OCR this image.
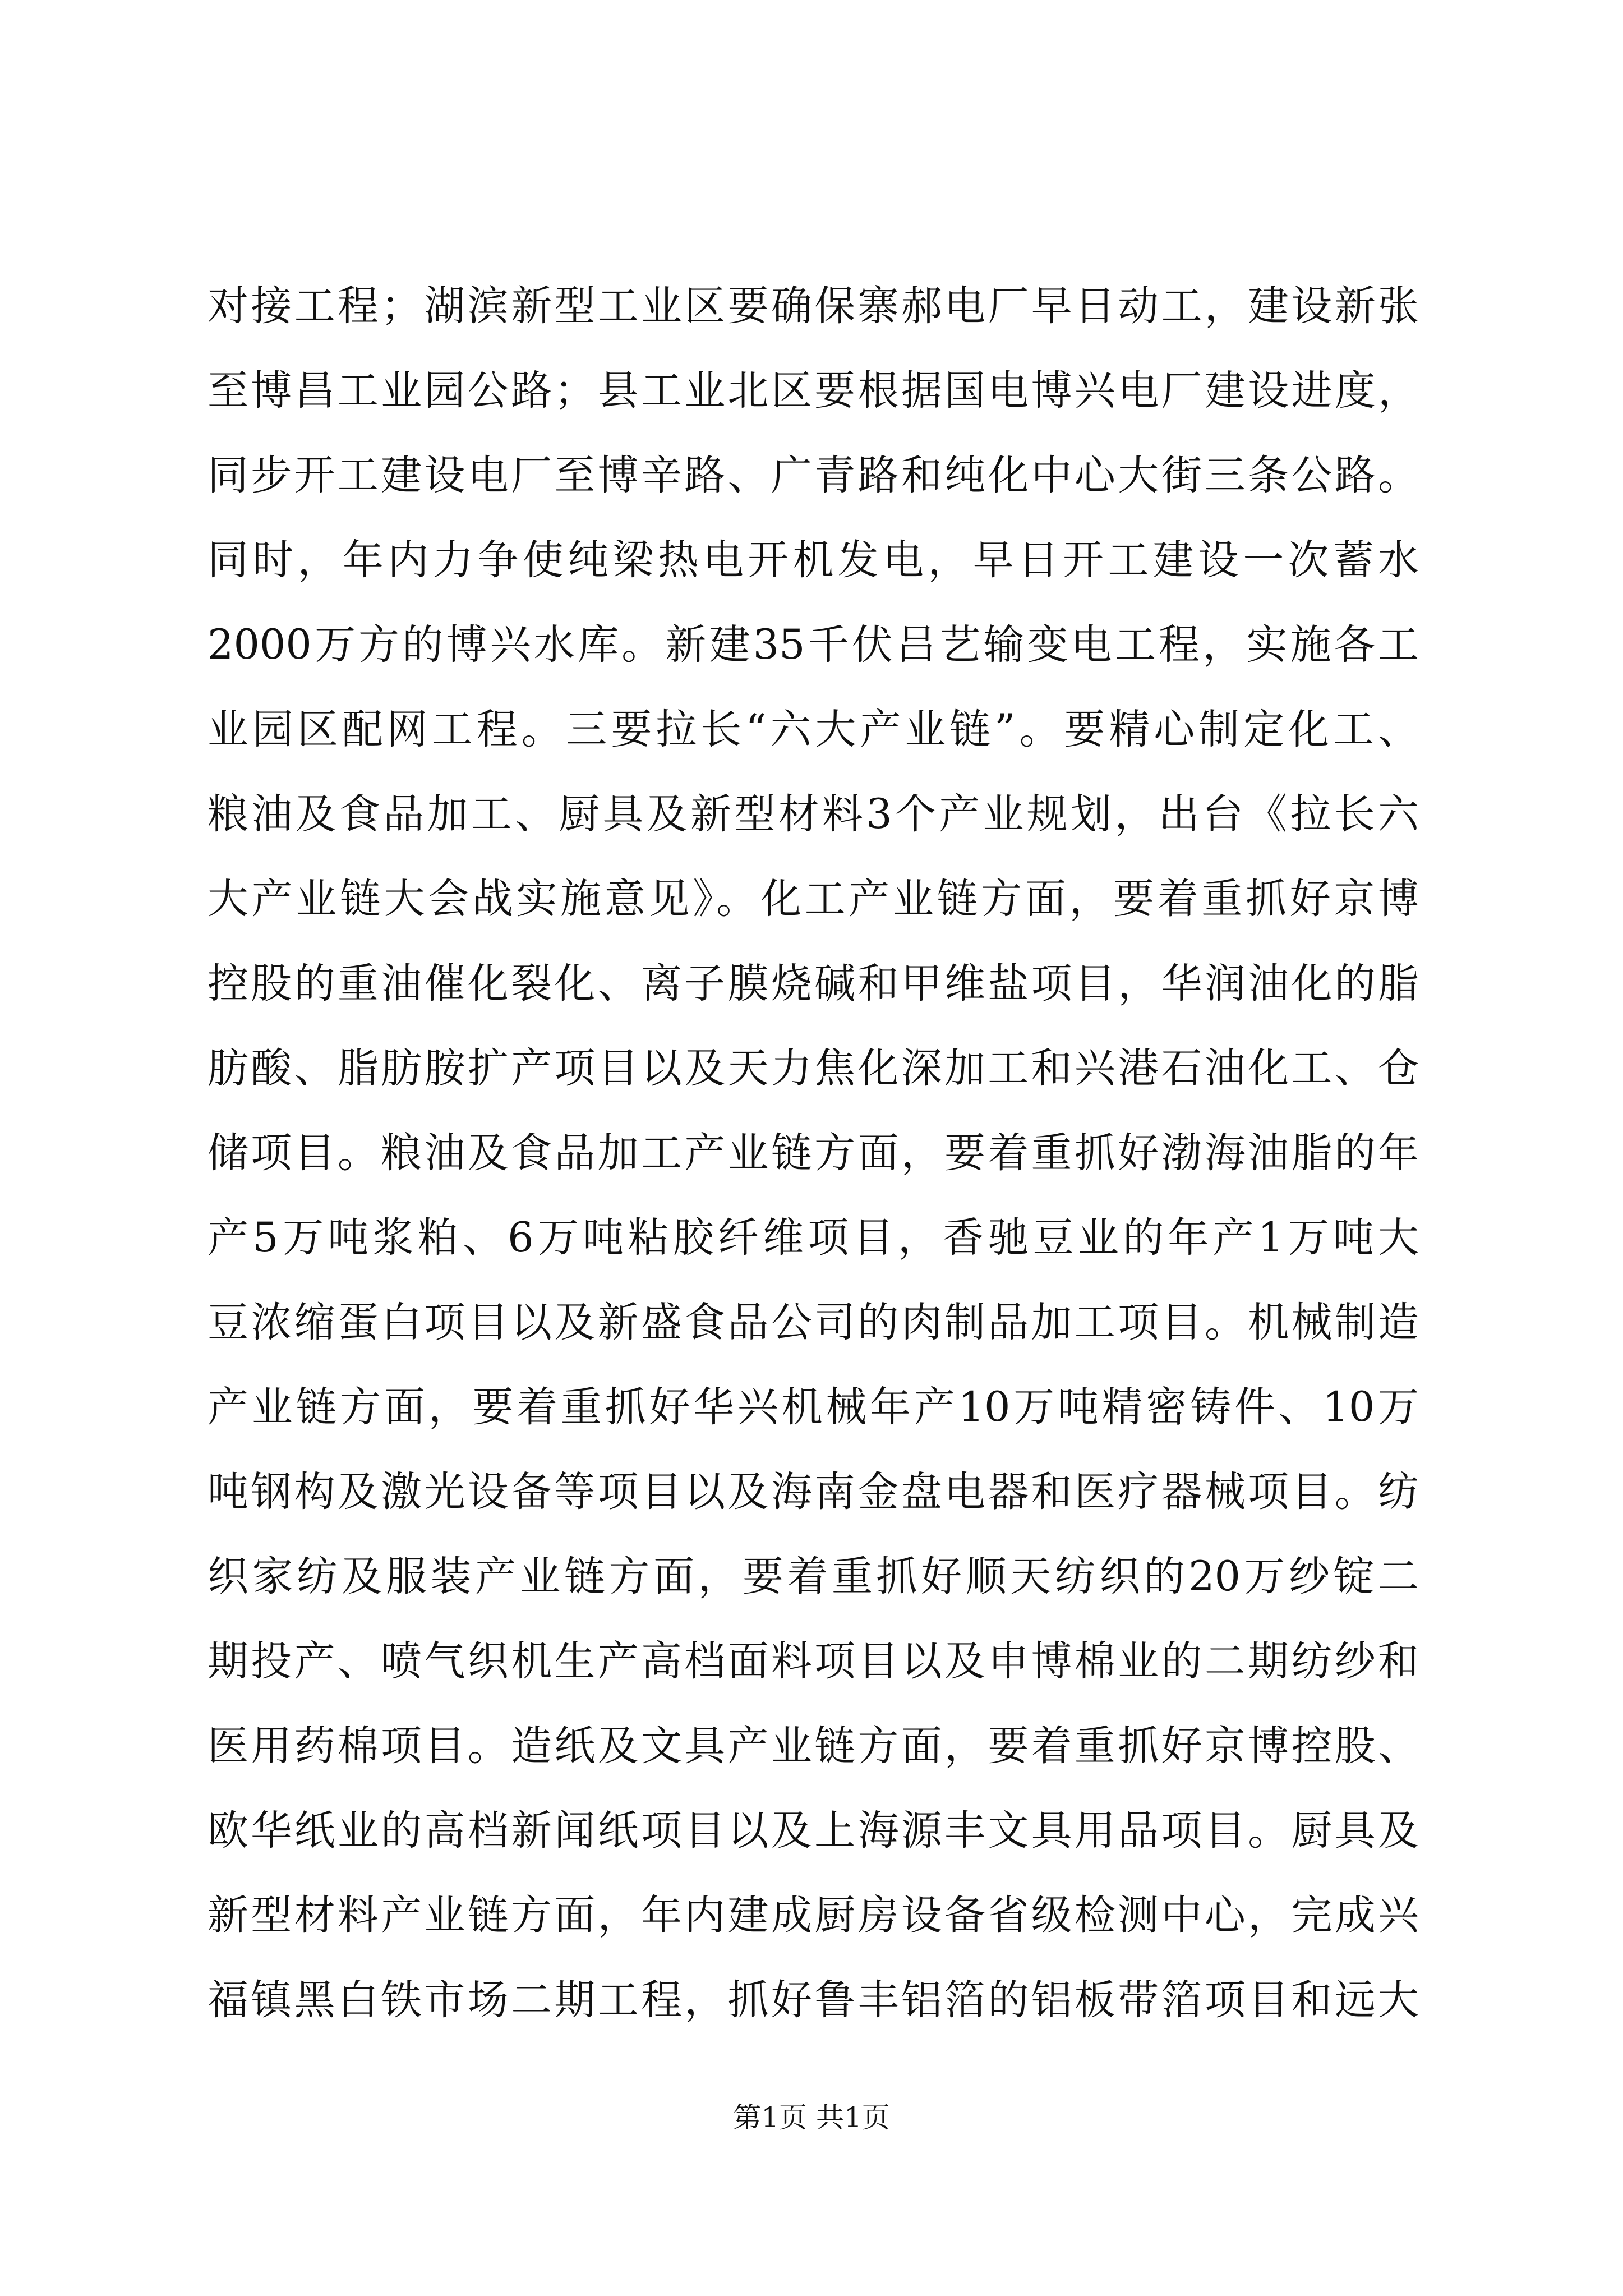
对接工程；湖滨新型工业区要确保寨郝电厂早日动工，建设新张
至博昌工业园公路；县工业北区要根据国电博兴电厂建设进度，
同步开工建设电厂至博辛路、广青路和纯化中心大街三条公路。
同时，年内力争使纯梁热电开机发电，早日开工建设一次蓄水
2000万方的博兴水库。新建35千伏吕艺输变电工程，实施各工
业园区配网工程。三要拉长“六大产业链”。要精心制定化工、
粮油及食品加工、厨具及新型材料3个产业规划，出台《拉长六
大产业链大会战实施意见》。化工产业链方面，要着重抓好京博
控股的重油催化裂化、离子膜烧碱和甲维盐项目，华润油化的脂
肪酸、脂肪胺扩产项目以及天力焦化深加工和兴港石油化工、仓
储项目。粮油及食品加工产业链方面，要着重抓好渤海油脂的年
产5万吨浆粕、6万吨粘胶纤维项目，香驰豆业的年产1万吨大
豆浓缩蛋白项目以及新盛食品公司的肉制品加工项目。机械制造
产业链方面，要着重抓好华兴机械年产10万吨精密铸件、10万
吨钢构及激光设备等项目以及海南金盘电器和医疗器械项目。纺
织家纺及服装产业链方面，要着重抓好顺天纺织的20万纱锭二
期投产、喷气织机生产高档面料项目以及申博棉业的二期纺纱和
医用药棉项目。造纸及文具产业链方面，要着重抓好京博控股、
欧华纸业的高档新闻纸项目以及上海源丰文具用品项目。厨具及
新型材料产业链方面，年内建成厨房设备省级检测中心，完成兴
福镇黑白铁市场二期工程，抓好鲁丰铝箔的铝板带箔项目和远大
第1页 共1页
